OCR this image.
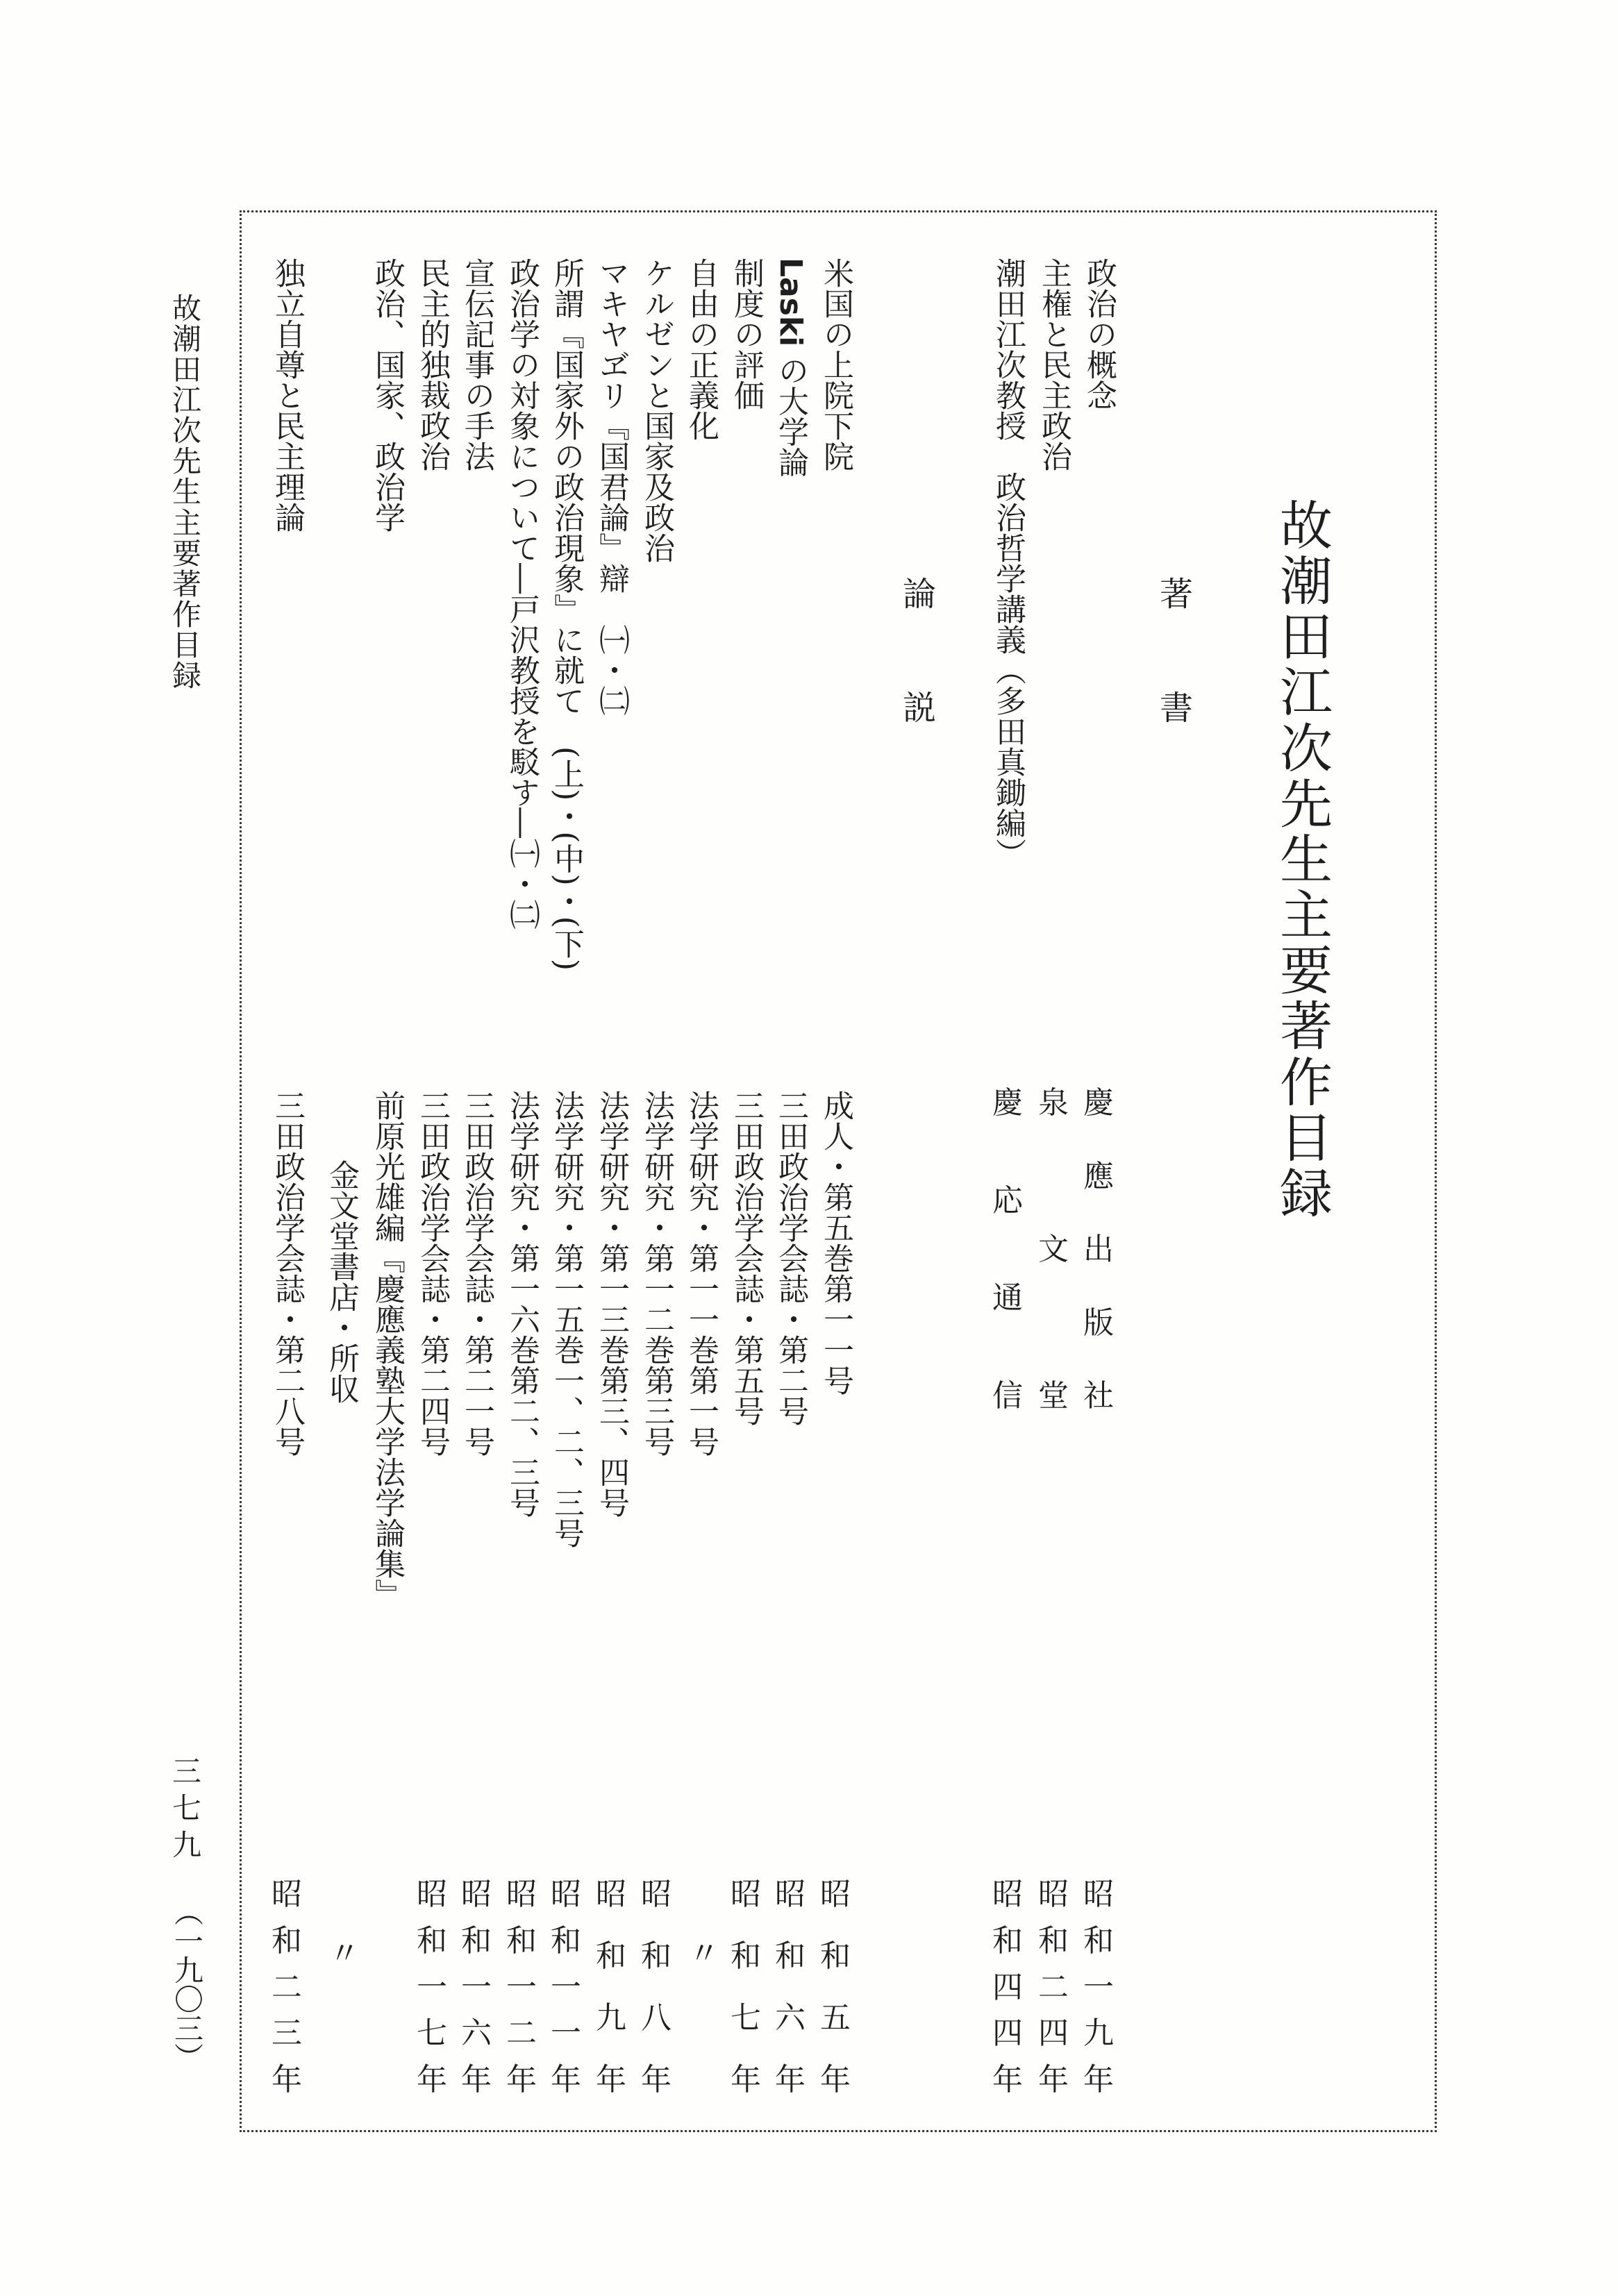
故
潮
田
江
次
先
生
主
要
著
作
目
録
三
七
九
（一九〇三）
故
潮
田
江
次
先
生
主
要
著
作
目
録
著
書
政治の概念
慶
應
出
版
社
昭
和
一
九
年
主権と民主政治
泉
文
堂
昭
和
二
四
年
潮田江次教授　政治哲学講義（多田真鋤編）
慶
応
通
信
昭
和
四
四
年
論
説
米国の上院下院
成人・第五巻第一一号
昭
和
五
年
Laskiの大学論
三田政治学会誌・第二号
昭
和
六
年
制度の評価
三田政治学会誌・第五号
昭
和
七
年
自由の正義化
法学研究・第一一巻第一号
〃
ケルゼンと国家及政治
法学研究・第一二巻第三号
昭
和
八
年
マキヤヹリ『国君論』辯　㈠・㈡
法学研究・第一三巻第三、四号
昭
和
九
年
所謂『国家外の政治現象』に就て　(上)・(中)・(下)
法学研究・第一五巻一、二、三号
昭
和
一
一
年
政治学の対象について―戸沢教授を駁す―㈠・㈡
法学研究・第一六巻第二、三号
昭
和
一
二
年
宣伝記事の手法
三田政治学会誌・第二一号
昭
和
一
六
年
民主的独裁政治
三田政治学会誌・第二四号
昭
和
一
七
年
政治、国家、政治学
前原光雄編『慶應義塾大学法学論集』
金文堂書店・所収
〃
独立自尊と民主理論
三田政治学会誌・第二八号
昭
和
二
三
年
